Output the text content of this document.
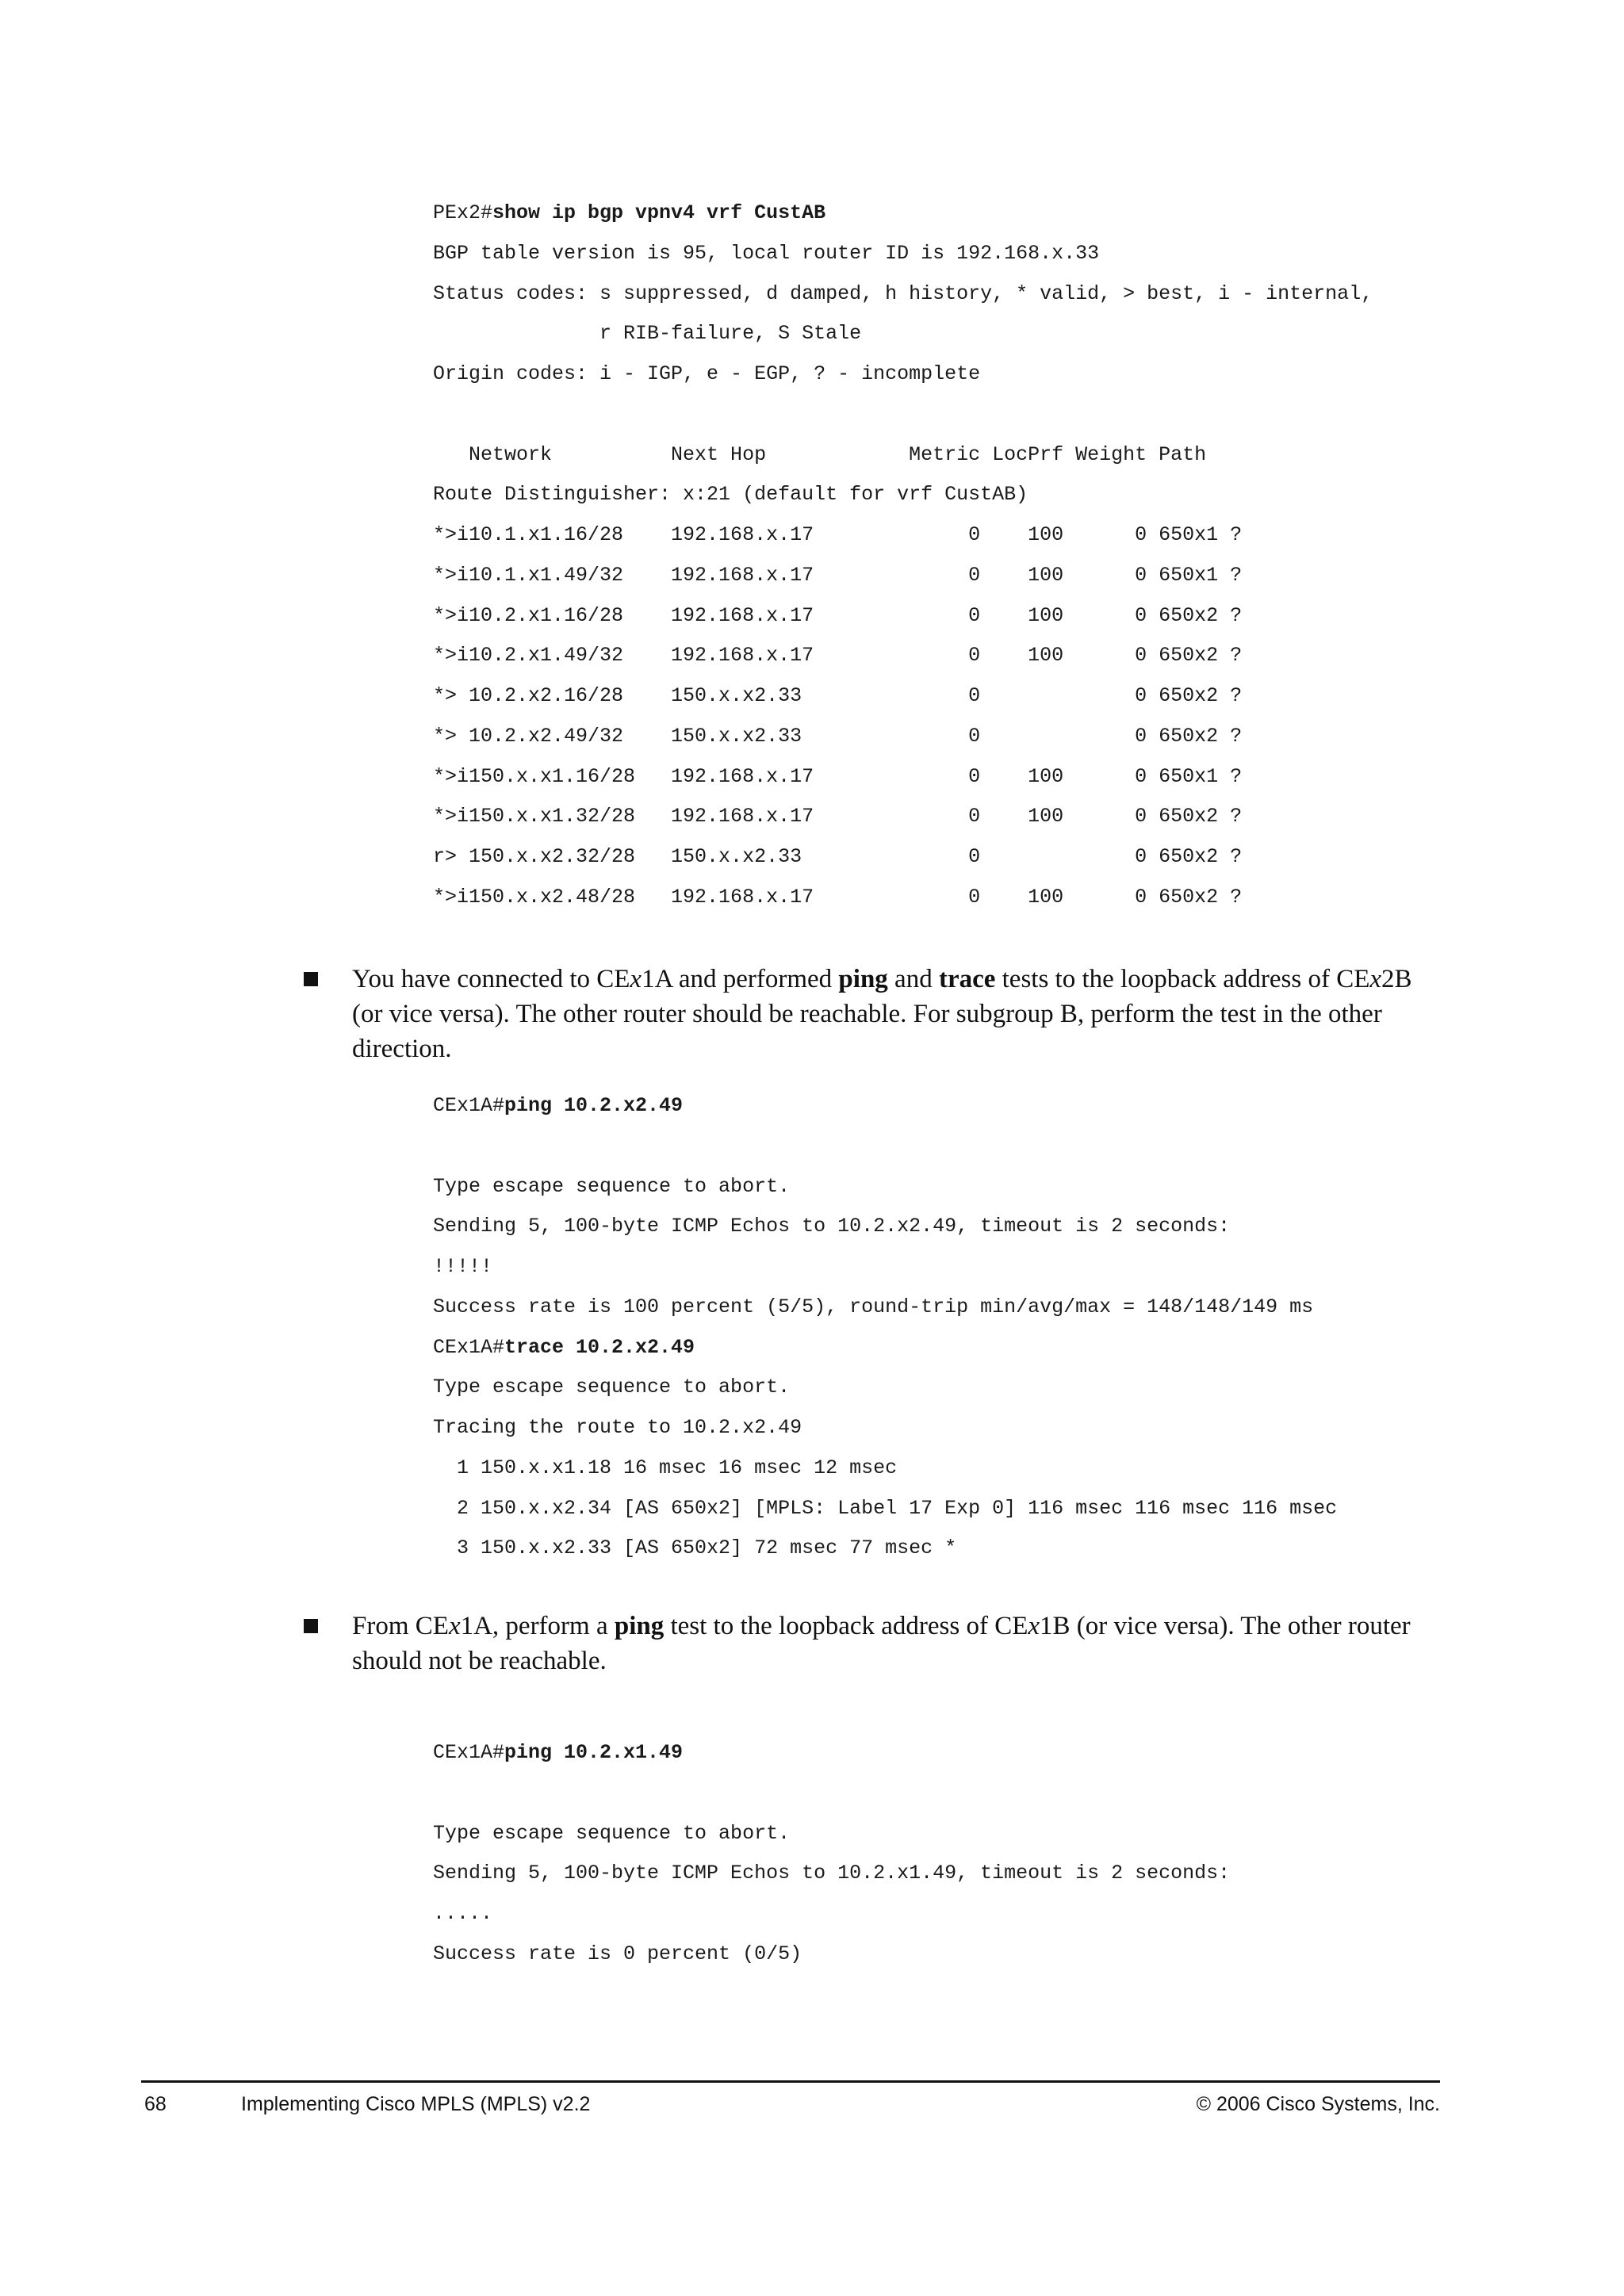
PEx2#show ip bgp vpnv4 vrf CustAB
BGP table version is 95, local router ID is 192.168.x.33
Status codes: s suppressed, d damped, h history, * valid, > best, i - internal,
r RIB-failure, S Stale
Origin codes: i - IGP, e - EGP, ? - incomplete
Network          Next Hop            Metric LocPrf Weight Path
Route Distinguisher: x:21 (default for vrf CustAB)
*>i10.1.x1.16/28    192.168.x.17             0    100      0 650x1 ?
*>i10.1.x1.49/32    192.168.x.17             0    100      0 650x1 ?
*>i10.2.x1.16/28    192.168.x.17             0    100      0 650x2 ?
*>i10.2.x1.49/32    192.168.x.17             0    100      0 650x2 ?
*> 10.2.x2.16/28    150.x.x2.33              0             0 650x2 ?
*> 10.2.x2.49/32    150.x.x2.33              0             0 650x2 ?
*>i150.x.x1.16/28   192.168.x.17             0    100      0 650x1 ?
*>i150.x.x1.32/28   192.168.x.17             0    100      0 650x2 ?
r> 150.x.x2.32/28   150.x.x2.33              0             0 650x2 ?
*>i150.x.x2.48/28   192.168.x.17             0    100      0 650x2 ?
You have connected to CEx1A and performed ping and trace tests to the loopback address of CEx2B (or vice versa). The other router should be reachable. For subgroup B, perform the test in the other direction.
CEx1A#ping 10.2.x2.49
Type escape sequence to abort.
Sending 5, 100-byte ICMP Echos to 10.2.x2.49, timeout is 2 seconds:
!!!!!
Success rate is 100 percent (5/5), round-trip min/avg/max = 148/148/149 ms
CEx1A#trace 10.2.x2.49
Type escape sequence to abort.
Tracing the route to 10.2.x2.49
1 150.x.x1.18 16 msec 16 msec 12 msec
2 150.x.x2.34 [AS 650x2] [MPLS: Label 17 Exp 0] 116 msec 116 msec 116 msec
3 150.x.x2.33 [AS 650x2] 72 msec 77 msec *
From CEx1A, perform a ping test to the loopback address of CEx1B (or vice versa). The other router should not be reachable.
CEx1A#ping 10.2.x1.49
Type escape sequence to abort.
Sending 5, 100-byte ICMP Echos to 10.2.x1.49, timeout is 2 seconds:
.....
Success rate is 0 percent (0/5)
68	Implementing Cisco MPLS (MPLS) v2.2	© 2006 Cisco Systems, Inc.
